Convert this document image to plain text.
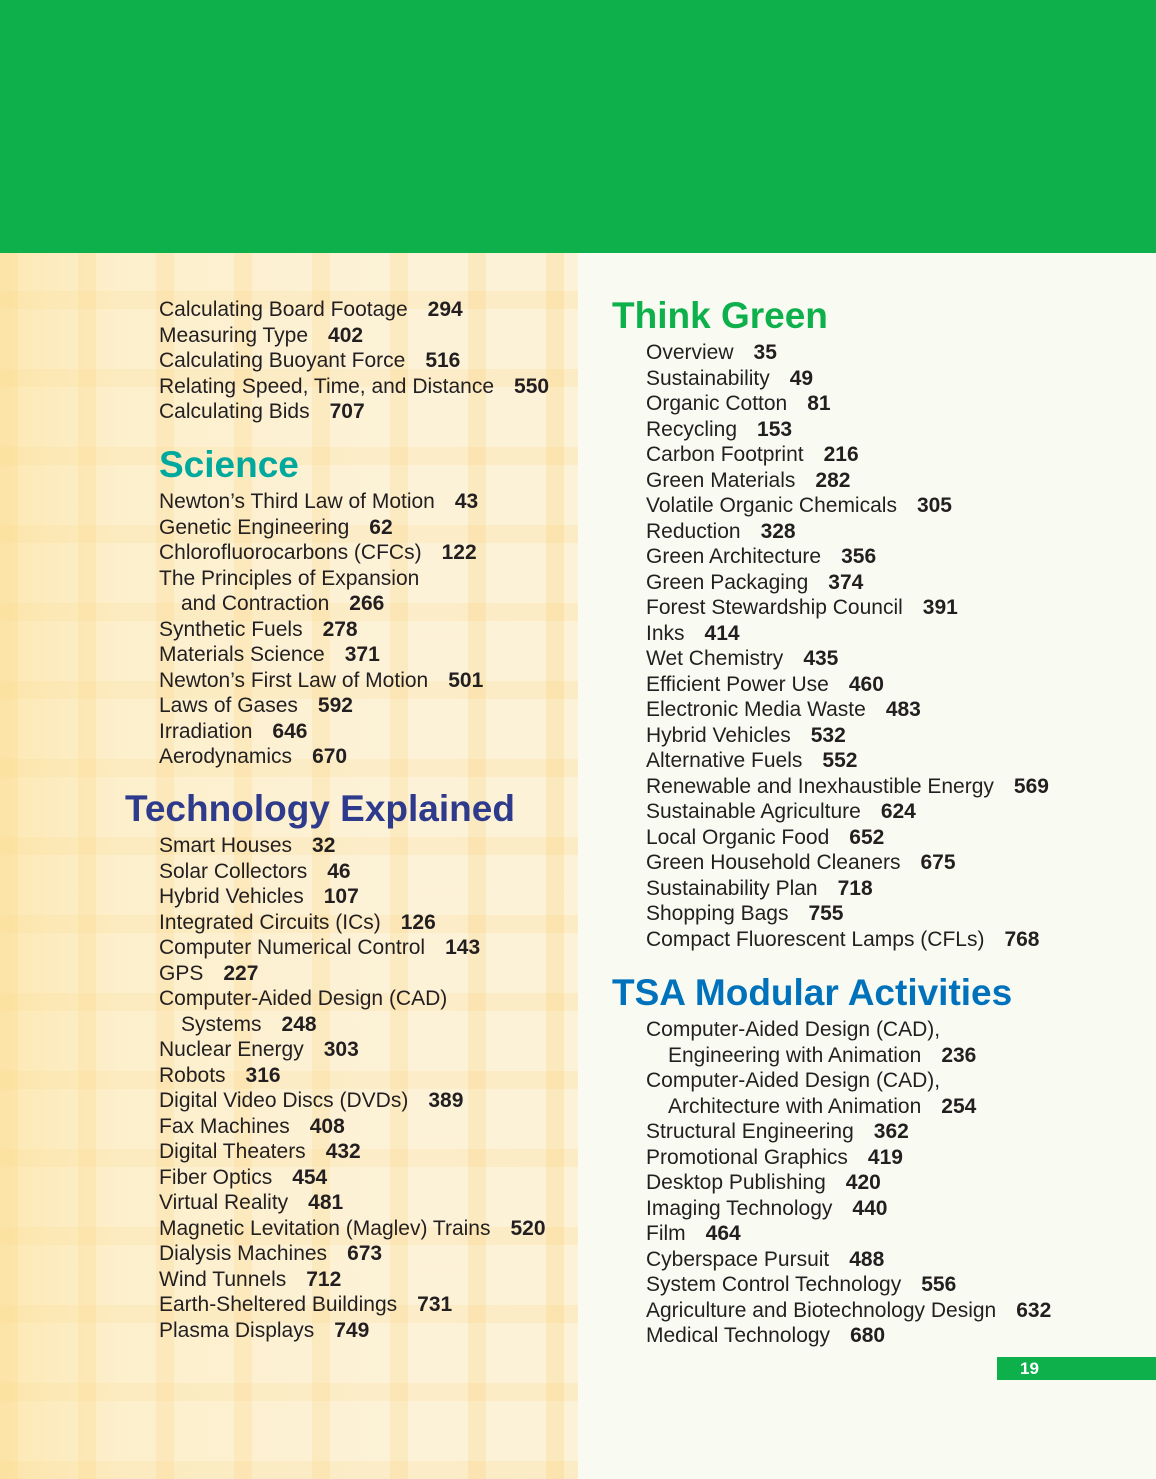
Calculating Board Footage 294
Measuring Type 402
Calculating Buoyant Force 516
Relating Speed, Time, and Distance 550
Calculating Bids 707
Science
Newton’s Third Law of Motion 43
Genetic Engineering 62
Chlorofluorocarbons (CFCs) 122
The Principles of Expansion
and Contraction 266
Synthetic Fuels 278
Materials Science 371
Newton’s First Law of Motion 501
Laws of Gases 592
Irradiation 646
Aerodynamics 670
Technology Explained
Smart Houses 32
Solar Collectors 46
Hybrid Vehicles 107
Integrated Circuits (ICs) 126
Computer Numerical Control 143
GPS 227
Computer-Aided Design (CAD)
Systems 248
Nuclear Energy 303
Robots 316
Digital Video Discs (DVDs) 389
Fax Machines 408
Digital Theaters 432
Fiber Optics 454
Virtual Reality 481
Magnetic Levitation (Maglev) Trains 520
Dialysis Machines 673
Wind Tunnels 712
Earth-Sheltered Buildings 731
Plasma Displays 749
Think Green
Overview 35
Sustainability 49
Organic Cotton 81
Recycling 153
Carbon Footprint 216
Green Materials 282
Volatile Organic Chemicals 305
Reduction 328
Green Architecture 356
Green Packaging 374
Forest Stewardship Council 391
Inks 414
Wet Chemistry 435
Efficient Power Use 460
Electronic Media Waste 483
Hybrid Vehicles 532
Alternative Fuels 552
Renewable and Inexhaustible Energy 569
Sustainable Agriculture 624
Local Organic Food 652
Green Household Cleaners 675
Sustainability Plan 718
Shopping Bags 755
Compact Fluorescent Lamps (CFLs) 768
TSA Modular Activities
Computer-Aided Design (CAD),
Engineering with Animation 236
Computer-Aided Design (CAD),
Architecture with Animation 254
Structural Engineering 362
Promotional Graphics 419
Desktop Publishing 420
Imaging Technology 440
Film 464
Cyberspace Pursuit 488
System Control Technology 556
Agriculture and Biotechnology Design 632
Medical Technology 680
19
